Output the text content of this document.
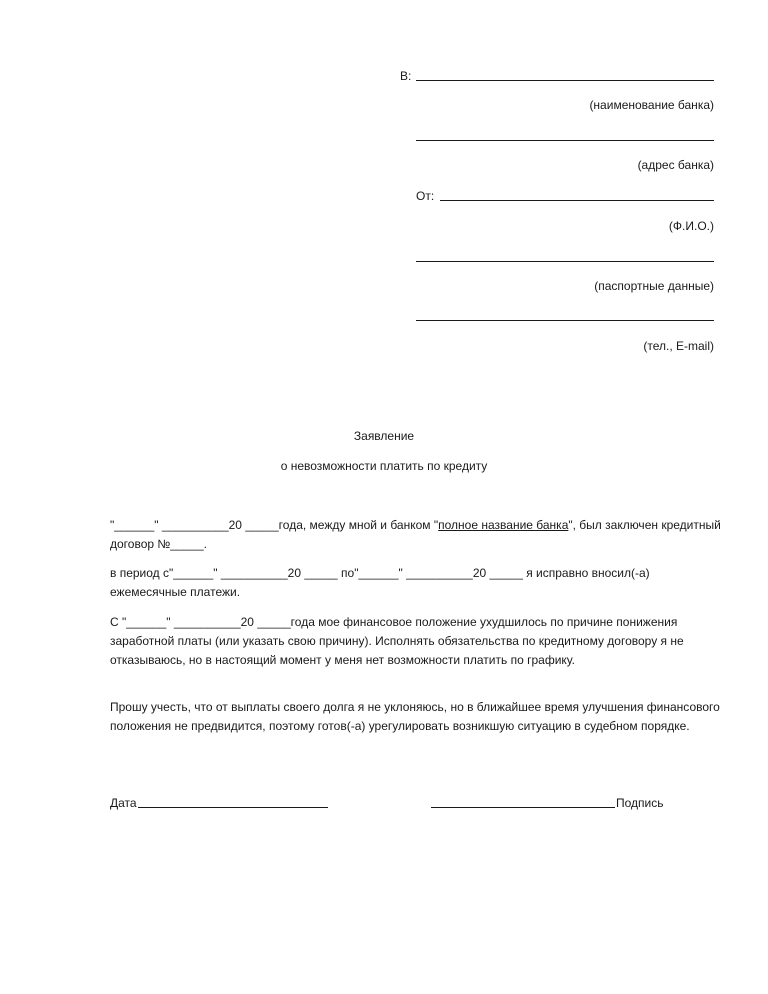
В:
(наименование банка)
(адрес банка)
От:
(Ф.И.О.)
(паспортные данные)
(тел., E-mail)
Заявление
о невозможности платить по кредиту
"______" __________20 _____года, между мной и банком "полное название банка", был заключен кредитный договор №_____.
в период с"______" __________20 _____ по"______" __________20 _____ я исправно вносил(-а) ежемесячные платежи.
С "______" __________20 _____года мое финансовое положение ухудшилось по причине понижения заработной платы (или указать свою причину). Исполнять обязательства по кредитному договору я не отказываюсь, но в настоящий момент у меня нет возможности платить по графику.
Прошу учесть, что от выплаты своего долга я не уклоняюсь, но в ближайшее время улучшения финансового положения не предвидится, поэтому готов(-а) урегулировать возникшую ситуацию в судебном порядке.
Дата	Подпись
